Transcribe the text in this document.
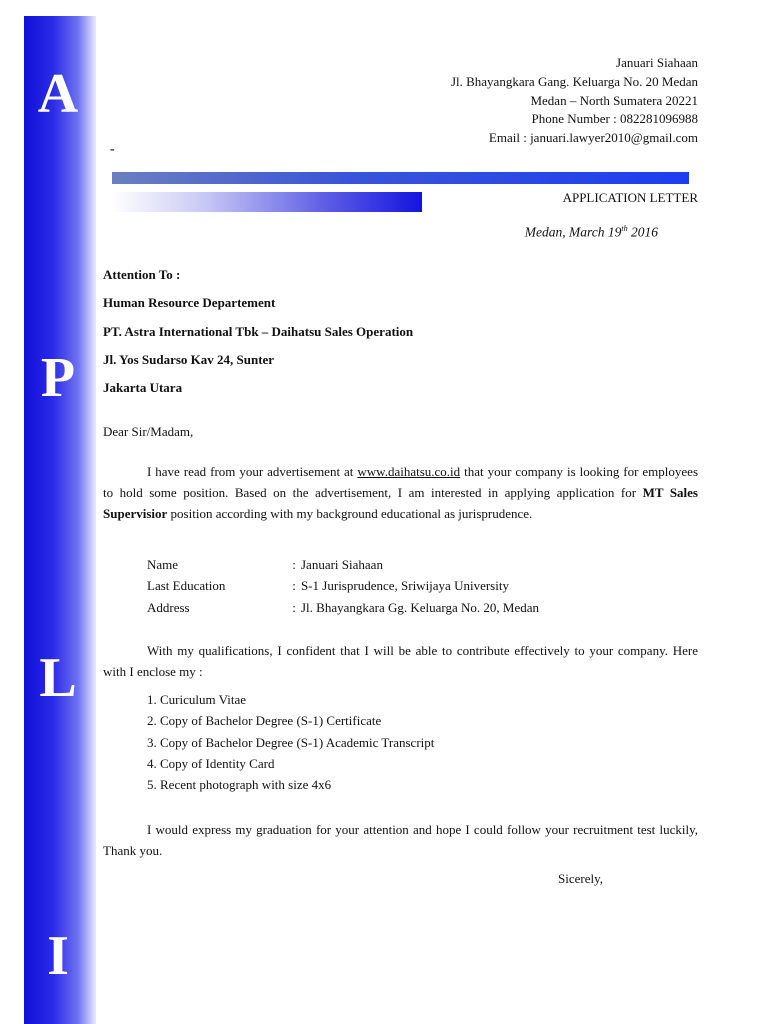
A
P
L
I
Januari Siahaan
Jl. Bhayangkara Gang. Keluarga No. 20 Medan
Medan – North Sumatera 20221
Phone Number : 082281096988
Email : januari.lawyer2010@gmail.com
-
APPLICATION LETTER
Medan, March 19th 2016
Attention To :
Human Resource Departement
PT. Astra International Tbk – Daihatsu Sales Operation
Jl. Yos Sudarso Kav 24, Sunter
Jakarta Utara
Dear Sir/Madam,
I have read from your advertisement at www.daihatsu.co.id that your company is looking for employees to hold some position. Based on the advertisement, I am interested in applying application for MT Sales Supervisior position according with my background educational as jurisprudence.
Name	: Januari Siahaan
Last Education	: S-1 Jurisprudence, Sriwijaya University
Address	: Jl. Bhayangkara Gg. Keluarga No. 20, Medan
With my qualifications, I confident that I will be able to contribute effectively to your company. Here with I enclose my :
1. Curiculum Vitae
2. Copy of Bachelor Degree (S-1) Certificate
3. Copy of Bachelor Degree (S-1) Academic Transcript
4. Copy of Identity Card
5. Recent photograph with size 4x6
I would express my graduation for your attention and hope I could follow your recruitment test luckily, Thank you.
Sicerely,
